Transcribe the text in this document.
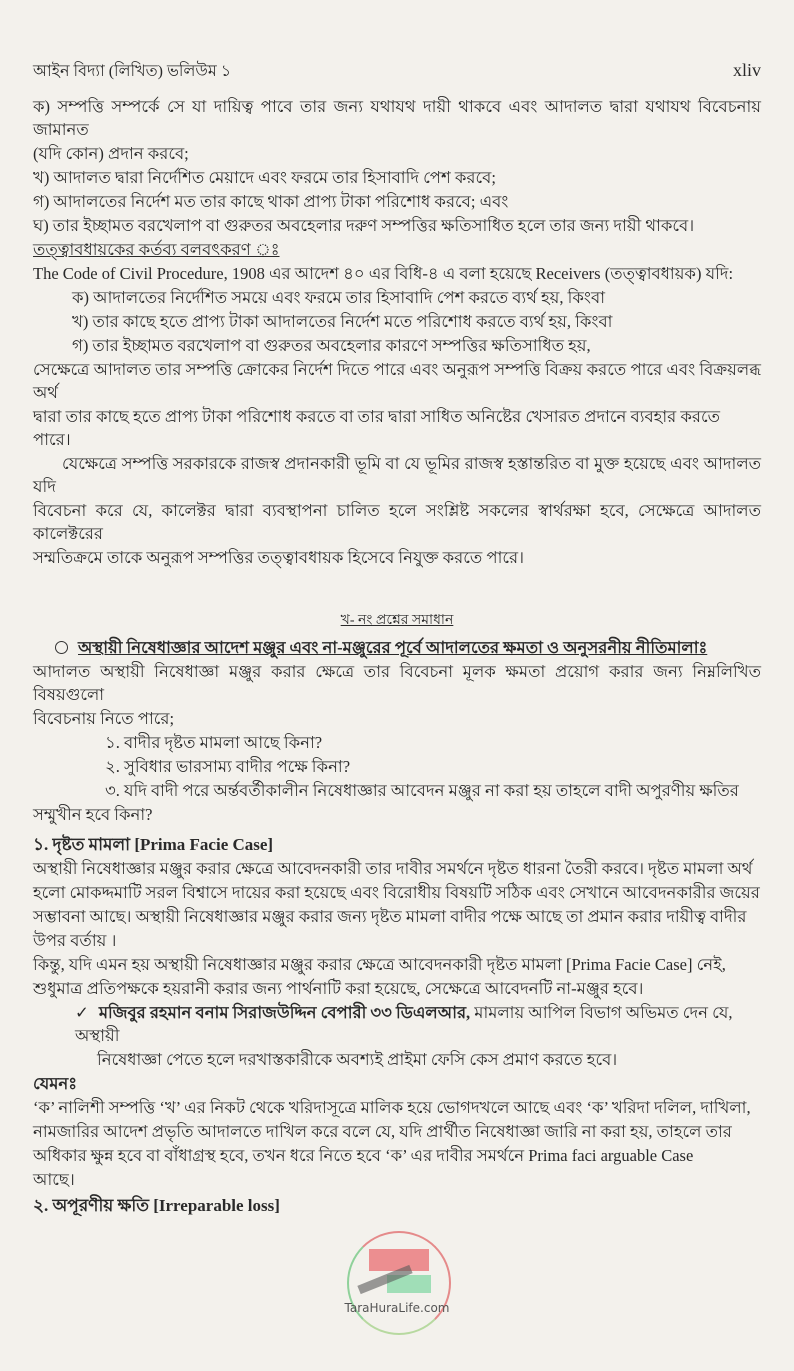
আইন বিদ্যা (লিখিত) ভলিউম ১	xliv
ক) সম্পত্তি সম্পর্কে সে যা দায়িত্ব পাবে তার জন্য যথাযথ দায়ী থাকবে এবং আদালত দ্বারা যথাযথ বিবেচনায় জামানত
(যদি কোন) প্রদান করবে;
খ) আদালত দ্বারা নির্দেশিত মেয়াদে এবং ফরমে তার হিসাবাদি পেশ করবে;
গ) আদালতের নির্দেশ মত তার কাছে থাকা প্রাপ্য টাকা পরিশোধ করবে; এবং
ঘ) তার ইচ্ছামত বরখেলাপ বা গুরুতর অবহেলার দরুণ সম্পত্তির ক্ষতিসাধিত হলে তার জন্য দায়ী থাকবে।
তত্ত্বাবধায়কের কর্তব্য বলবৎকরণ ঃ
The Code of Civil Procedure, 1908 এর আদেশ ৪০ এর বিধি-৪ এ বলা হয়েছে Receivers (তত্ত্বাবধায়ক) যদি:
ক) আদালতের নির্দেশিত সময়ে এবং ফরমে তার হিসাবাদি পেশ করতে ব্যর্থ হয়, কিংবা
খ) তার কাছে হতে প্রাপ্য টাকা আদালতের নির্দেশ মতে পরিশোধ করতে ব্যর্থ হয়, কিংবা
গ) তার ইচ্ছামত বরখেলাপ বা গুরুতর অবহেলার কারণে সম্পত্তির ক্ষতিসাধিত হয়,
সেক্ষেত্রে আদালত তার সম্পত্তি ক্রোকের নির্দেশ দিতে পারে এবং অনুরূপ সম্পত্তি বিক্রয় করতে পারে এবং বিক্রয়লব্ধ অর্থ
দ্বারা তার কাছে হতে প্রাপ্য টাকা পরিশোধ করতে বা তার দ্বারা সাধিত অনিষ্টের খেসারত প্রদানে ব্যবহার করতে পারে।
যেক্ষেত্রে সম্পত্তি সরকারকে রাজস্ব প্রদানকারী ভূমি বা যে ভূমির রাজস্ব হস্তান্তরিত বা মুক্ত হয়েছে এবং আদালত যদি
বিবেচনা করে যে, কালেক্টর দ্বারা ব্যবস্থাপনা চালিত হলে সংশ্লিষ্ট সকলের স্বার্থরক্ষা হবে, সেক্ষেত্রে আদালত কালেক্টরের
সম্মতিক্রমে তাকে অনুরূপ সম্পত্তির তত্ত্বাবধায়ক হিসেবে নিযুক্ত করতে পারে।
খ- নং প্রশ্নের সমাধান
অস্থায়ী নিষেধাজ্ঞার আদেশ মঞ্জুর এবং না-মঞ্জুরের পূর্বে আদালতের ক্ষমতা ও অনুসরনীয় নীতিমালাঃ
আদালত অস্থায়ী নিষেধাজ্ঞা মঞ্জুর করার ক্ষেত্রে তার বিবেচনা মূলক ক্ষমতা প্রয়োগ করার জন্য নিম্নলিখিত বিষয়গুলো
বিবেচনায় নিতে পারে;
১. বাদীর দৃষ্টত মামলা আছে কিনা?
২. সুবিধার ভারসাম্য বাদীর পক্ষে কিনা?
৩. যদি বাদী পরে অর্ন্তবর্তীকালীন নিষেধাজ্ঞার আবেদন মঞ্জুর না করা হয় তাহলে বাদী অপুরণীয় ক্ষতির
সম্মুখীন হবে কিনা?
১. দৃষ্টত মামলা [Prima Facie Case]
অস্থায়ী নিষেধাজ্ঞার মঞ্জুর করার ক্ষেত্রে আবেদনকারী তার দাবীর সমর্থনে দৃষ্টত ধারনা তৈরী করবে। দৃষ্টত মামলা অর্থ
হলো মোকদ্দমাটি সরল বিশ্বাসে দায়ের করা হয়েছে এবং বিরোধীয় বিষয়টি সঠিক এবং সেখানে আবেদনকারীর জয়ের
সম্ভাবনা আছে। অস্থায়ী নিষেধাজ্ঞার মঞ্জুর করার জন্য দৃষ্টত মামলা বাদীর পক্ষে আছে তা প্রমান করার দায়ীত্ব বাদীর
উপর বর্তায় ।
কিন্তু, যদি এমন হয় অস্থায়ী নিষেধাজ্ঞার মঞ্জুর করার ক্ষেত্রে আবেদনকারী দৃষ্টত মামলা [Prima Facie Case] নেই,
শুধুমাত্র প্রতিপক্ষকে হয়রানী করার জন্য পার্থনাটি করা হয়েছে, সেক্ষেত্রে আবেদনটি না-মঞ্জুর হবে।
✓ মজিবুর রহমান বনাম সিরাজউদ্দিন বেপারী ৩৩ ডিএলআর, মামলায় আপিল বিভাগ অভিমত দেন যে, অস্থায়ী
নিষেধাজ্ঞা পেতে হলে দরখাস্তকারীকে অবশ্যই প্রাইমা ফেসি কেস প্রমাণ করতে হবে।
যেমনঃ
‘ক’ নালিশী সম্পত্তি ‘খ’ এর নিকট থেকে খরিদাসূত্রে মালিক হয়ে ভোগদখলে আছে এবং ‘ক’ খরিদা দলিল, দাখিলা,
নামজারির আদেশ প্রভৃতি আদালতে দাখিল করে বলে যে, যদি প্রার্থীত নিষেধাজ্ঞা জারি না করা হয়, তাহলে তার
অধিকার ক্ষুন্ন হবে বা বাঁধাগ্রস্থ হবে, তখন ধরে নিতে হবে ‘ক’ এর দাবীর সমর্থনে Prima faci arguable Case
আছে।
২. অপূরণীয় ক্ষতি [Irreparable loss]
TaraHuraLife.com
